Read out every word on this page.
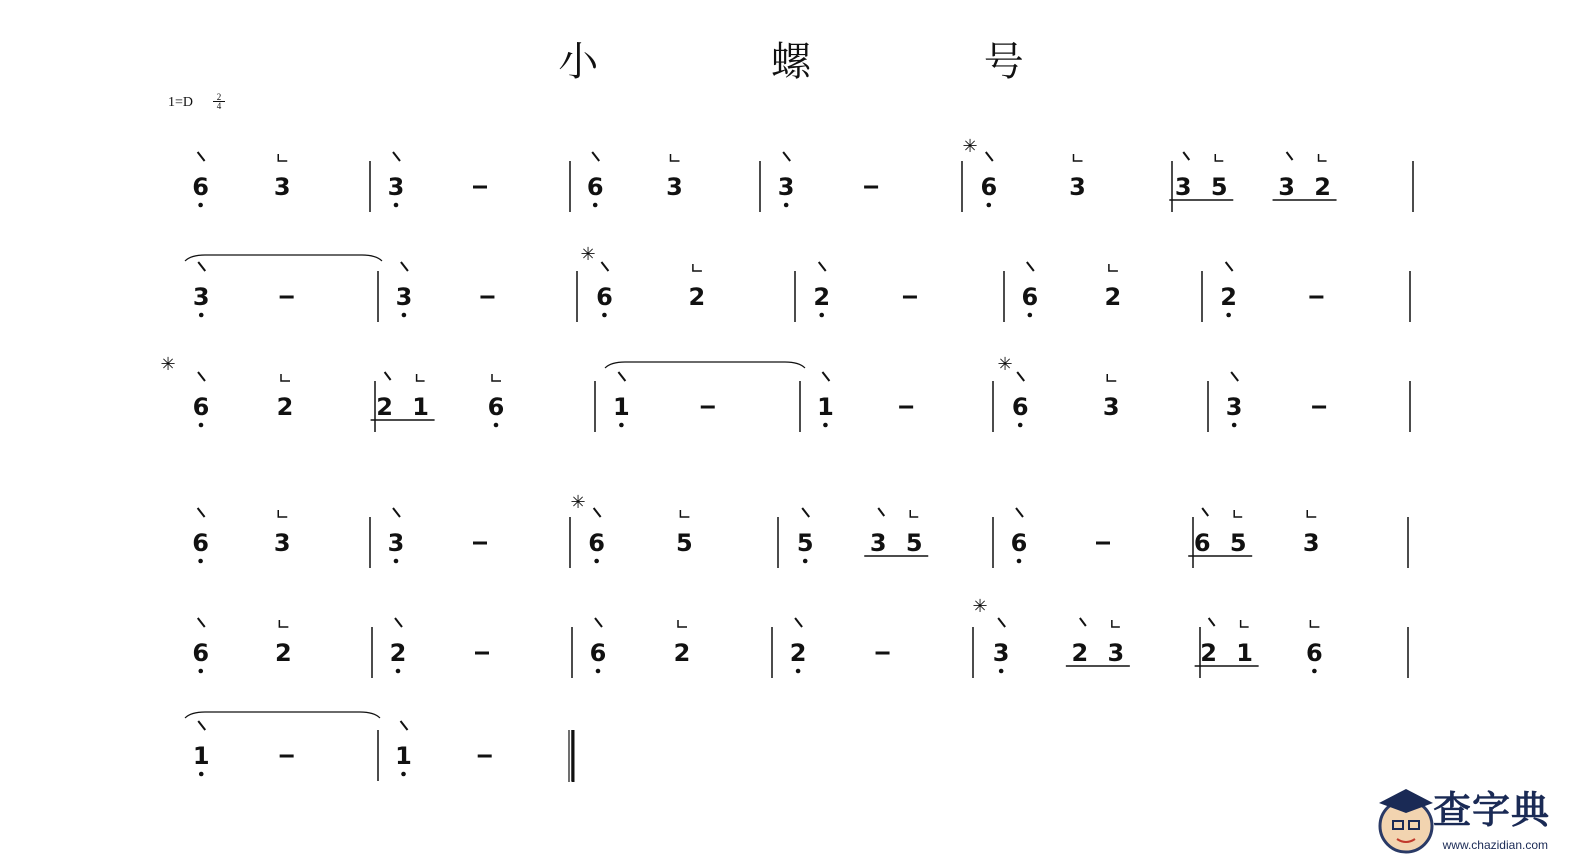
小 螺 号
1=D	2
4
6	3	3	6	3	3	6	3	3 5 3 2
3	3	6	2	2	6	2	2
6	2	2 1 6	1	1	6	3	3
6	3	3	6	5	5 3 5	6	6 5 3
6	2	2	6	2	2	3	2 3	2 1 6
1	1
✳
✳
✳	✳
✳
✳
查字典
www.chazidian.com
